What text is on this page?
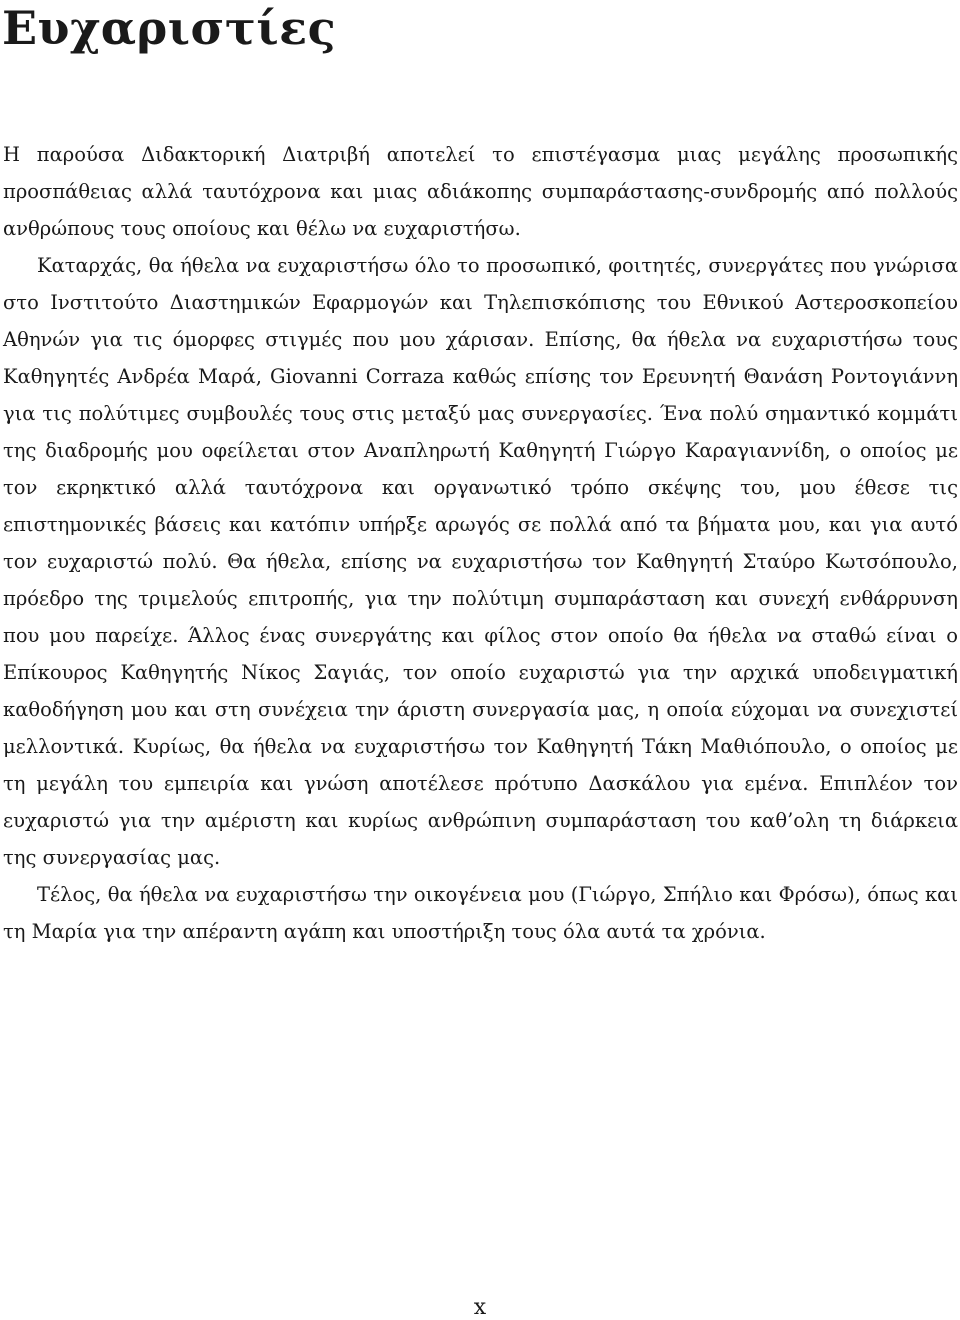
Ευχαριστίες

Η παρούσα Διδακτορική Διατριβή αποτελεί το επιστέγασμα μιας μεγάλης προσωπικής προσπάθειας αλλά ταυτόχρονα και μιας αδιάκοπης συμπαράστασης-συνδρομής από πολλούς ανθρώπους τους οποίους και θέλω να ευχαριστήσω.

Καταρχάς, θα ήθελα να ευχαριστήσω όλο το προσωπικό, φοιτητές, συνεργάτες που γνώρισα στο Ινστιτούτο Διαστημικών Εφαρμογών και Τηλεπισκόπισης του Εθνικού Αστεροσκοπείου Αθηνών για τις όμορφες στιγμές που μου χάρισαν. Επίσης, θα ήθελα να ευχαριστήσω τους Καθηγητές Ανδρέα Μαρά, Giovanni Corraza καθώς επίσης τον Ερευνητή Θανάση Ροντογιάννη για τις πολύτιμες συμβουλές τους στις μεταξύ μας συνεργασίες. Ένα πολύ σημαντικό κομμάτι της διαδρομής μου οφείλεται στον Αναπληρωτή Καθηγητή Γιώργο Καραγιαννίδη, ο οποίος με τον εκρηκτικό αλλά ταυτόχρονα και οργανωτικό τρόπο σκέψης του, μου έθεσε τις επιστημονικές βάσεις και κατόπιν υπήρξε αρωγός σε πολλά από τα βήματα μου, και για αυτό τον ευχαριστώ πολύ. Θα ήθελα, επίσης να ευχαριστήσω τον Καθηγητή Σταύρο Κωτσόπουλο, πρόεδρο της τριμελούς επιτροπής, για την πολύτιμη συμπαράσταση και συνεχή ενθάρρυνση που μου παρείχε. Άλλος ένας συνεργάτης και φίλος στον οποίο θα ήθελα να σταθώ είναι ο Επίκουρος Καθηγητής Νίκος Σαγιάς, τον οποίο ευχαριστώ για την αρχικά υποδειγματική καθοδήγηση μου και στη συνέχεια την άριστη συνεργασία μας, η οποία εύχομαι να συνεχιστεί μελλοντικά. Κυρίως, θα ήθελα να ευχαριστήσω τον Καθηγητή Τάκη Μαθιόπουλο, ο οποίος με τη μεγάλη του εμπειρία και γνώση αποτέλεσε πρότυπο Δασκάλου για εμένα. Επιπλέον τον ευχαριστώ για την αμέριστη και κυρίως ανθρώπινη συμπαράσταση του καθ’ολη τη διάρκεια της συνεργασίας μας.

Τέλος, θα ήθελα να ευχαριστήσω την οικογένεια μου (Γιώργο, Σπήλιο και Φρόσω), όπως και τη Μαρία για την απέραντη αγάπη και υποστήριξη τους όλα αυτά τα χρόνια.

x
